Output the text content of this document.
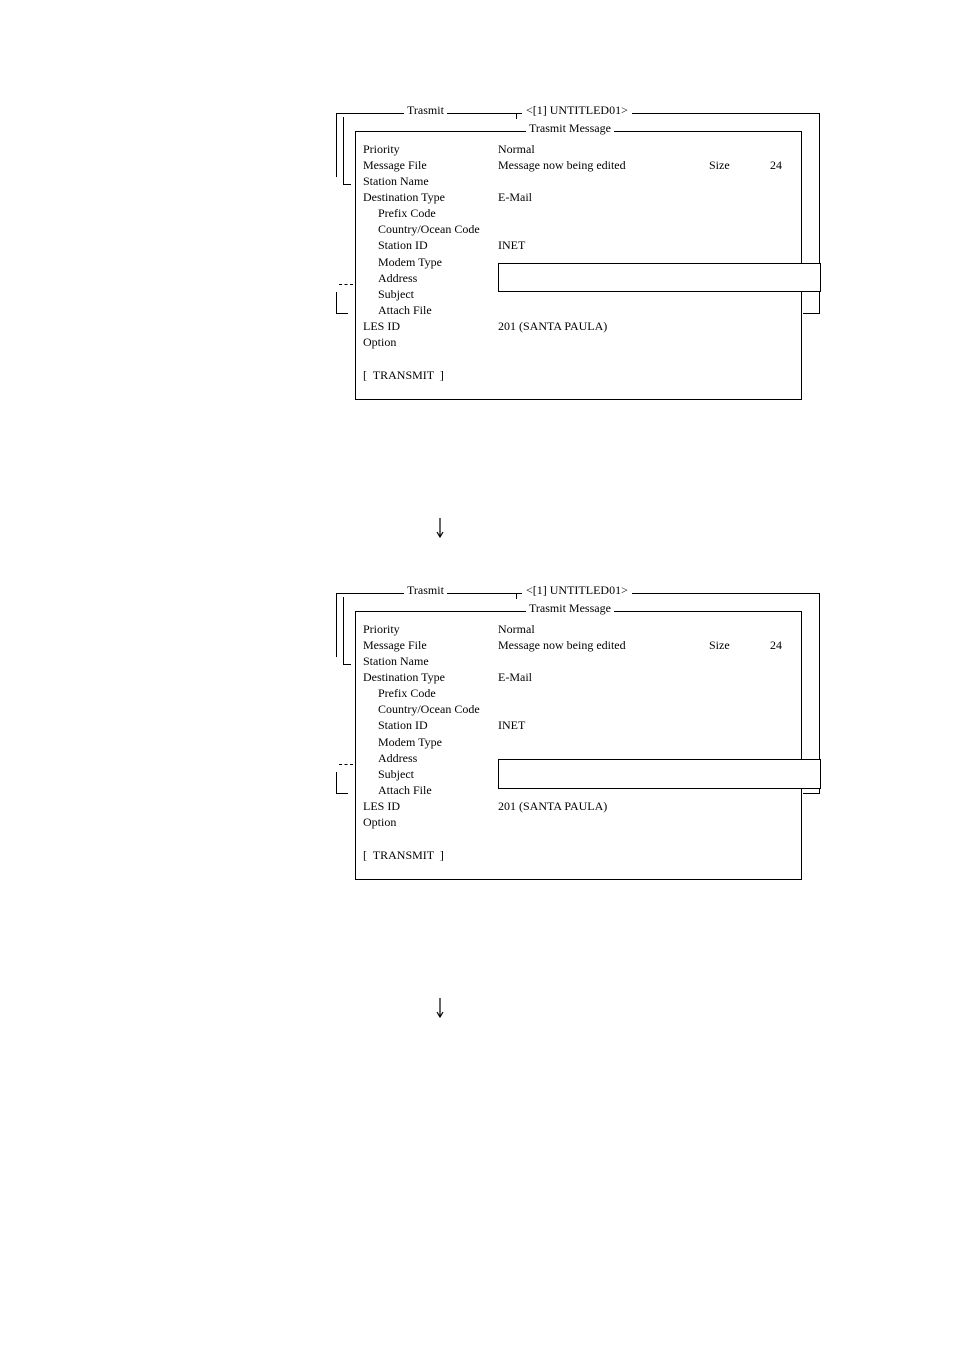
Trasmit	<[1] UNTITLED01>
Trasmit Message
Priority	Normal
Message File	Message now being edited	Size	24
Station Name
Destination Type	E-Mail
Prefix Code
Country/Ocean Code
Station ID	INET
Modem Type
Address
Subject
Attach File
LES ID	201 (SANTA PAULA)
Option
[  TRANSMIT  ]
Trasmit	<[1] UNTITLED01>
Trasmit Message
Priority	Normal
Message File	Message now being edited	Size	24
Station Name
Destination Type	E-Mail
Prefix Code
Country/Ocean Code
Station ID	INET
Modem Type
Address
Subject
Attach File
LES ID	201 (SANTA PAULA)
Option
[  TRANSMIT  ]
